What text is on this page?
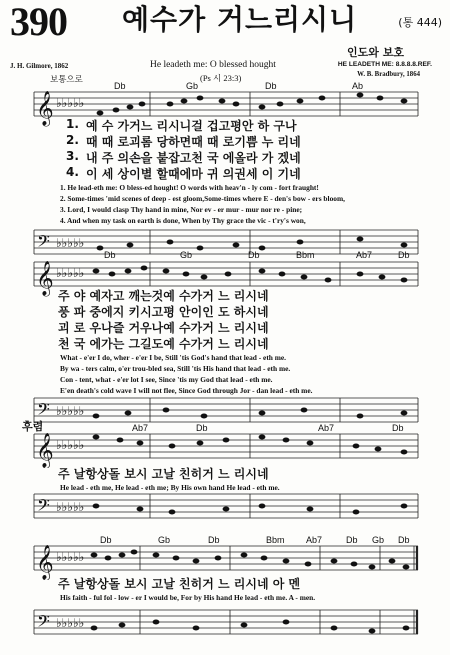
390 예수가 거느리시니	(통 444)
인도와 보호
J. H. Gilmore, 1862	He leadeth me: O blessed hought
(Ps 시 23:3)
HE LEADETH ME: 8.8.8.8.REF.
W. B. Bradbury, 1864
보통으로
𝄞 ♭♭♭♭♭
Db	Gb	Db	Ab
1. 예 수 가거느 리시니걸 겁고평안 하 구나
2. 때 때 로괴롬 당하면때 때 로기쁨 누 리네
3. 내 주 의손을 붙잡고천 국 에올라 가 겠네
4. 이 세 상이별 할때에마 귀 의권세 이 기네
1. He lead-eth me: O bless-ed hought! O words with heav'n - ly com - fort fraught!
2. Some-times 'mid scenes of deep - est gloom,Some-times where E - den's bow - ers bloom,
3. Lord, I would clasp Thy hand in mine, Nor ev - er mur - mur nor re - pine;
4. And when my task on earth is done, When by Thy grace the vic - t'ry's won,
𝄢 ♭♭♭♭♭
𝄞 ♭♭♭♭♭
Db	Gb	Db	Bbm	Ab7	Db
주 야 예자고 깨는것예 수가거 느 리시네
풍 파 중에지 키시고평 안이인 도 하시네
괴 로 우나즐 거우나예 수가거 느 리시네
천 국 에가는 그길도예 수가거 느 리시네
What - e'er I do, wher - e'er I be, Still 'tis God's hand that lead - eth me.
By wa - ters calm, o'er trou-bled sea, Still 'tis His hand that lead - eth me.
Con - tent, what - e'er lot I see, Since 'tis my God that lead - eth me.
E'en death's cold wave I will not flee, Since God through Jor - dan lead - eth me.
𝄢 ♭♭♭♭♭
후렴
𝄞 ♭♭♭♭♭
Ab7	Db	Ab7	Db
주 날항상돌 보시 고날 친히거 느 리시네
He lead - eth me, He lead - eth me; By His own hand He lead - eth me.
𝄢 ♭♭♭♭♭
𝄞 ♭♭♭♭♭
Db	Gb	Db	Bbm Ab7	Db Gb Db
주 날항상돌 보시 고날 친히거 느 리시네 아 멘
His faith - ful fol - low - er I would be, For by His hand He lead - eth me. A - men.
𝄢 ♭♭♭♭♭
